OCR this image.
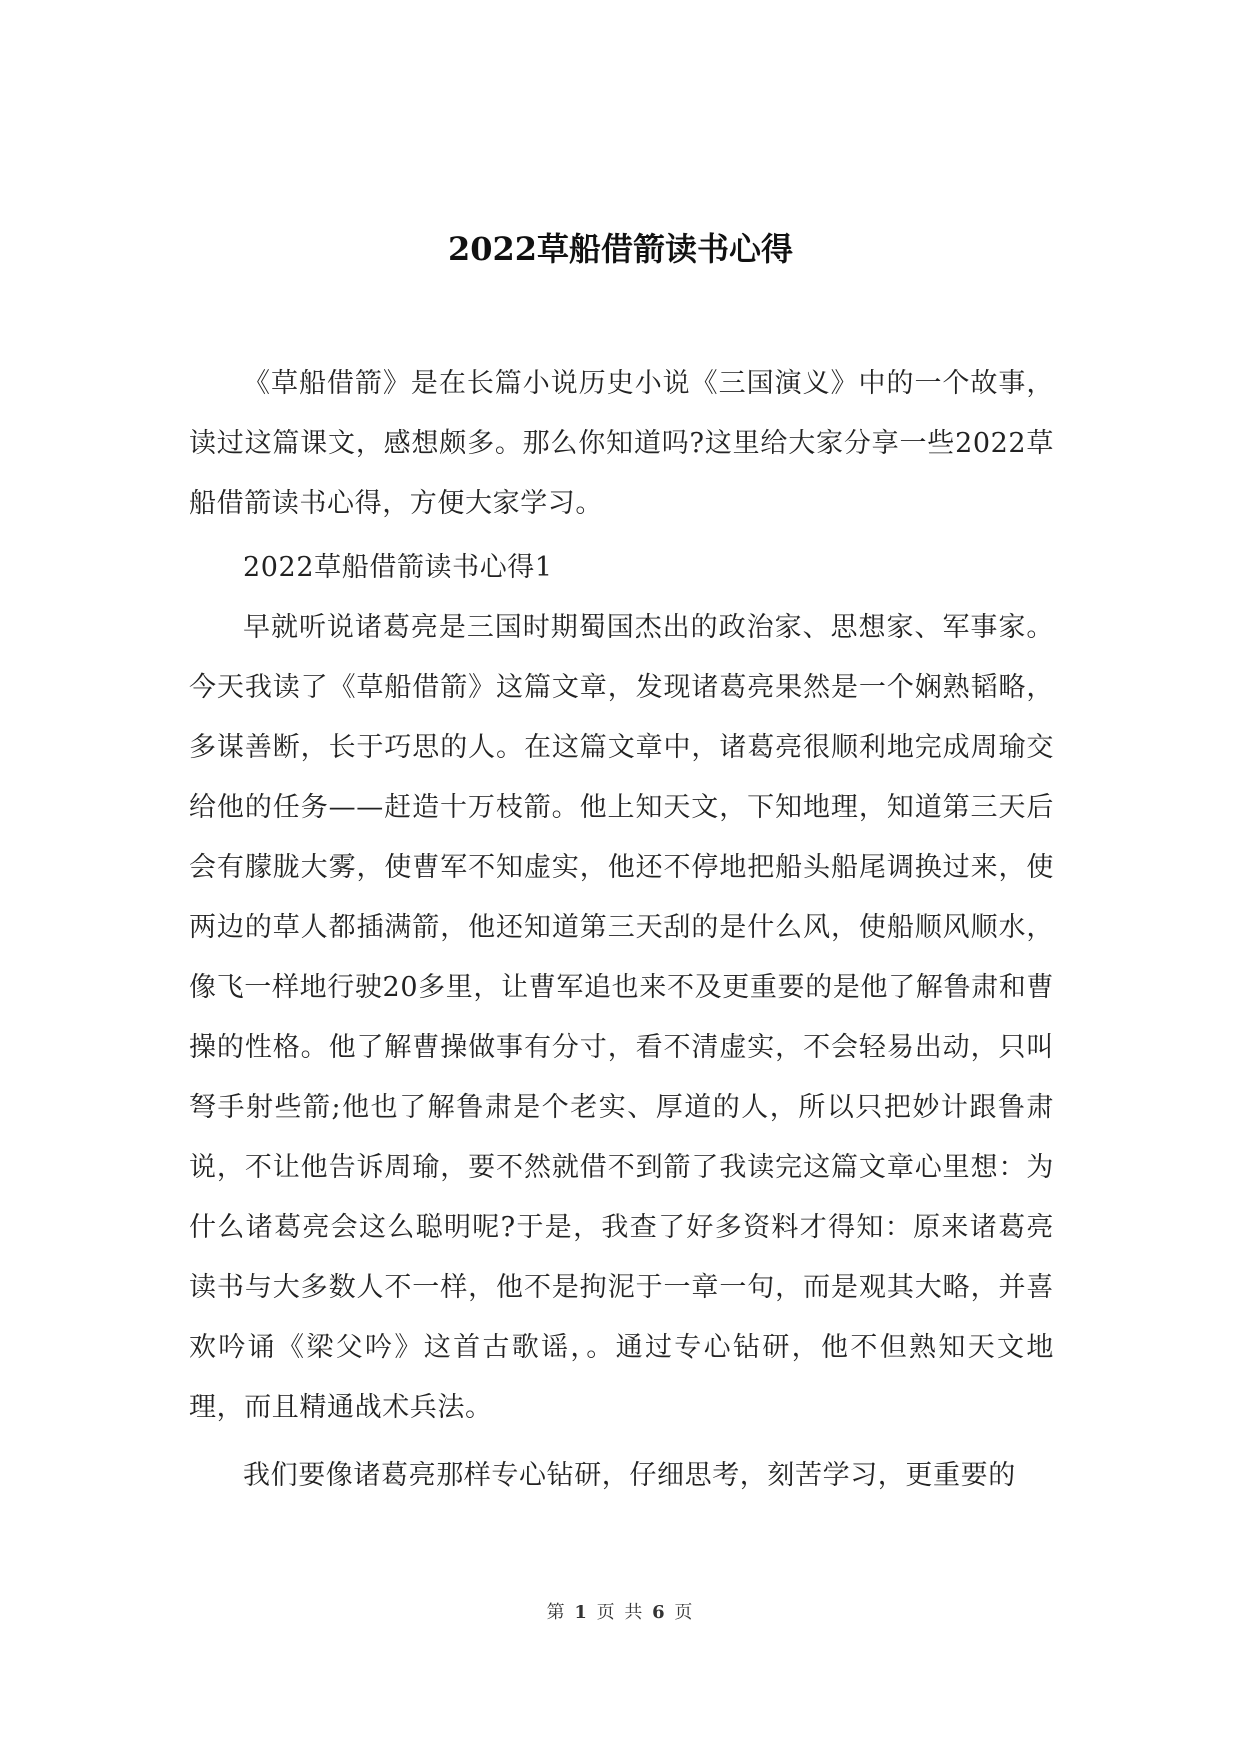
2022草船借箭读书心得

《草船借箭》是在长篇小说历史小说《三国演义》中的一个故事，读过这篇课文，感想颇多。那么你知道吗?这里给大家分享一些2022草船借箭读书心得，方便大家学习。

2022草船借箭读书心得1

早就听说诸葛亮是三国时期蜀国杰出的政治家、思想家、军事家。今天我读了《草船借箭》这篇文章，发现诸葛亮果然是一个娴熟韬略，多谋善断，长于巧思的人。在这篇文章中，诸葛亮很顺利地完成周瑜交给他的任务——赶造十万枝箭。他上知天文，下知地理，知道第三天后会有朦胧大雾，使曹军不知虚实，他还不停地把船头船尾调换过来，使两边的草人都插满箭，他还知道第三天刮的是什么风，使船顺风顺水，像飞一样地行驶20多里，让曹军追也来不及更重要的是他了解鲁肃和曹操的性格。他了解曹操做事有分寸，看不清虚实，不会轻易出动，只叫弩手射些箭;他也了解鲁肃是个老实、厚道的人，所以只把妙计跟鲁肃说，不让他告诉周瑜，要不然就借不到箭了我读完这篇文章心里想：为什么诸葛亮会这么聪明呢?于是，我查了好多资料才得知：原来诸葛亮读书与大多数人不一样，他不是拘泥于一章一句，而是观其大略，并喜欢吟诵《梁父吟》这首古歌谣，。通过专心钻研，他不但熟知天文地理，而且精通战术兵法。

我们要像诸葛亮那样专心钻研，仔细思考，刻苦学习，更重要的

第 1 页 共 6 页
